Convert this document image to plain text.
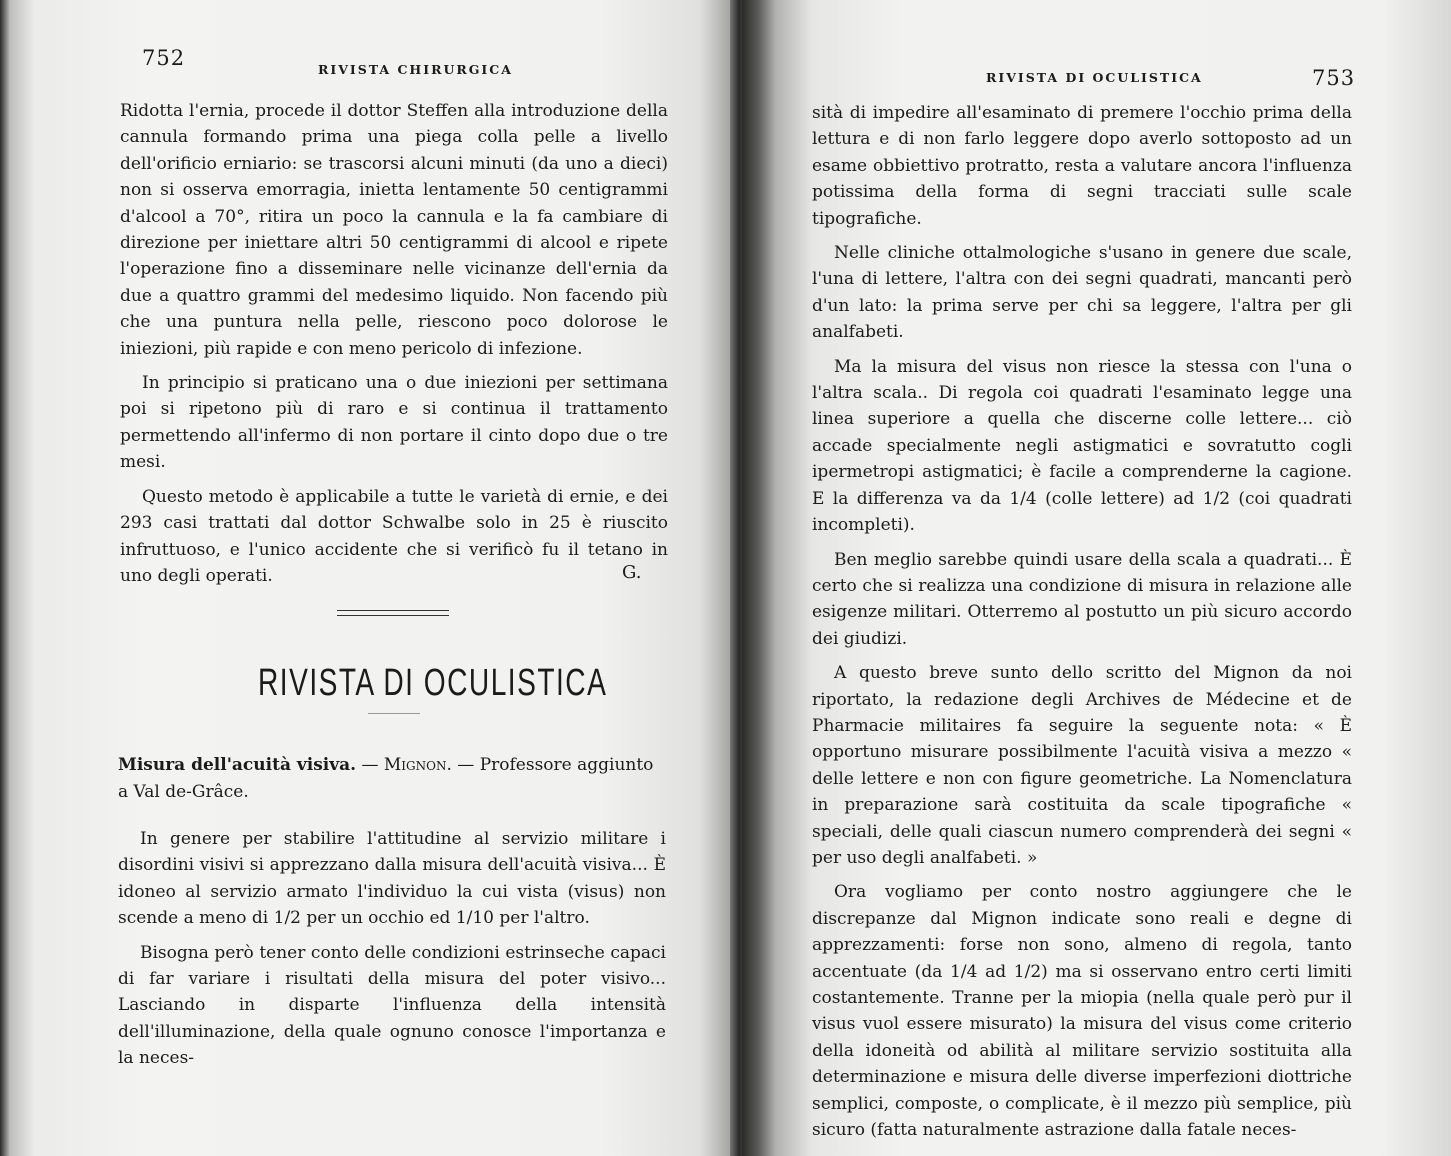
752	RIVISTA CHIRURGICA

Ridotta l'ernia, procede il dottor Steffen alla introduzione della cannula formando prima una piega colla pelle a livello dell'orificio erniario: se trascorsi alcuni minuti (da uno a dieci) non si osserva emorragia, inietta lentamente 50 centigrammi d'alcool a 70°, ritira un poco la cannula e la fa cambiare di direzione per iniettare altri 50 centigrammi di alcool e ripete l'operazione fino a disseminare nelle vicinanze dell'ernia da due a quattro grammi del medesimo liquido. Non facendo più che una puntura nella pelle, riescono poco dolorose le iniezioni, più rapide e con meno pericolo di infezione.

In principio si praticano una o due iniezioni per settimana poi si ripetono più di raro e si continua il trattamento permettendo all'infermo di non portare il cinto dopo due o tre mesi.

Questo metodo è applicabile a tutte le varietà di ernie, e dei 293 casi trattati dal dottor Schwalbe solo in 25 è riuscito infruttuoso, e l'unico accidente che si verificò fu il tetano in uno degli operati.	G.
RIVISTA DI OCULISTICA
Misura dell'acuità visiva. — Mignon. — Professore aggiunto a Val de-Grâce.

In genere per stabilire l'attitudine al servizio militare i disordini visivi si apprezzano dalla misura dell'acuità visiva... È idoneo al servizio armato l'individuo la cui vista (visus) non scende a meno di 1/2 per un occhio ed 1/10 per l'altro.

Bisogna però tener conto delle condizioni estrinseche capaci di far variare i risultati della misura del poter visivo... Lasciando in disparte l'influenza della intensità dell'illuminazione, della quale ognuno conosce l'importanza e la neces-

RIVISTA DI OCULISTICA	753

sità di impedire all'esaminato di premere l'occhio prima della lettura e di non farlo leggere dopo averlo sottoposto ad un esame obbiettivo protratto, resta a valutare ancora l'influenza potissima della forma di segni tracciati sulle scale tipografiche.

Nelle cliniche ottalmologiche s'usano in genere due scale, l'una di lettere, l'altra con dei segni quadrati, mancanti però d'un lato: la prima serve per chi sa leggere, l'altra per gli analfabeti.

Ma la misura del visus non riesce la stessa con l'una o l'altra scala.. Di regola coi quadrati l'esaminato legge una linea superiore a quella che discerne colle lettere... ciò accade specialmente negli astigmatici e sovratutto cogli ipermetropi astigmatici; è facile a comprenderne la cagione. E la differenza va da 1/4 (colle lettere) ad 1/2 (coi quadrati incompleti).

Ben meglio sarebbe quindi usare della scala a quadrati... È certo che si realizza una condizione di misura in relazione alle esigenze militari. Otterremo al postutto un più sicuro accordo dei giudizi.

A questo breve sunto dello scritto del Mignon da noi riportato, la redazione degli Archives de Médecine et de Pharmacie militaires fa seguire la seguente nota: « È opportuno misurare possibilmente l'acuità visiva a mezzo « delle lettere e non con figure geometriche. La Nomenclatura in preparazione sarà costituita da scale tipografiche « speciali, delle quali ciascun numero comprenderà dei segni « per uso degli analfabeti. »

Ora vogliamo per conto nostro aggiungere che le discrepanze dal Mignon indicate sono reali e degne di apprezzamenti: forse non sono, almeno di regola, tanto accentuate (da 1/4 ad 1/2) ma si osservano entro certi limiti costantemente. Tranne per la miopia (nella quale però pur il visus vuol essere misurato) la misura del visus come criterio della idoneità od abilità al militare servizio sostituita alla determinazione e misura delle diverse imperfezioni diottriche semplici, composte, o complicate, è il mezzo più semplice, più sicuro (fatta naturalmente astrazione dalla fatale neces-
